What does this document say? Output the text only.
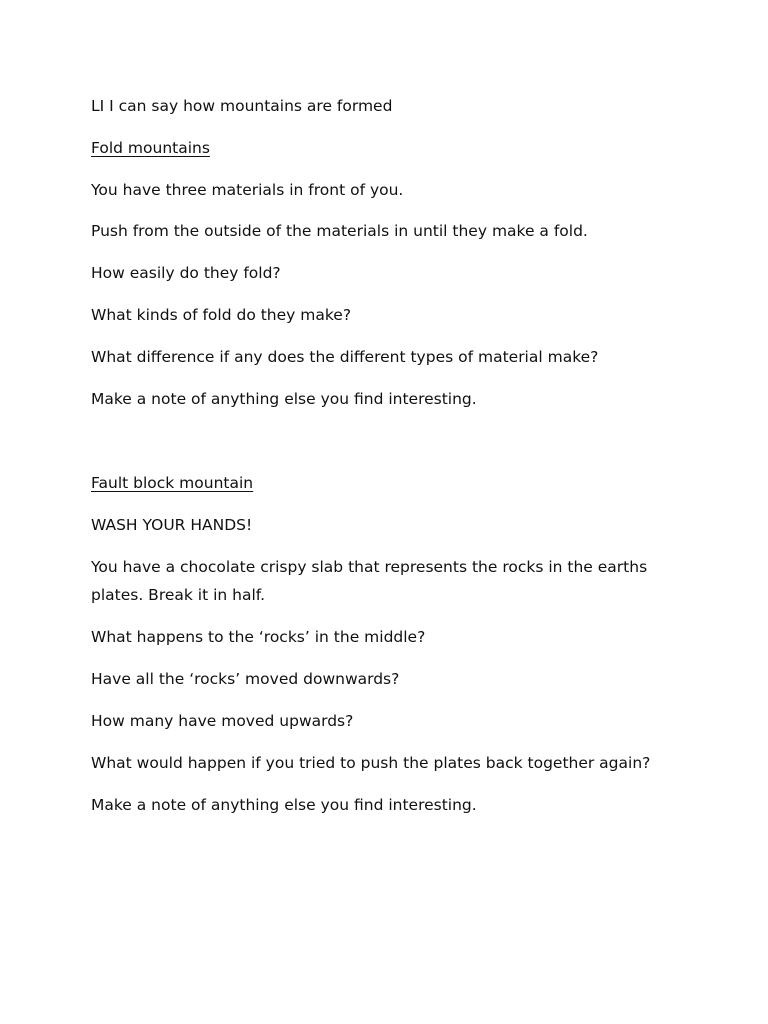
LI I can say how mountains are formed
Fold mountains
You have three materials in front of you.
Push from the outside of the materials in until they make a fold.
How easily do they fold?
What kinds of fold do they make?
What difference if any does the different types of material make?
Make a note of anything else you find interesting.
Fault block mountain
WASH YOUR HANDS!
You have a chocolate crispy slab that represents the rocks in the earths
plates. Break it in half.
What happens to the ‘rocks’ in the middle?
Have all the ‘rocks’ moved downwards?
How many have moved upwards?
What would happen if you tried to push the plates back together again?
Make a note of anything else you find interesting.
